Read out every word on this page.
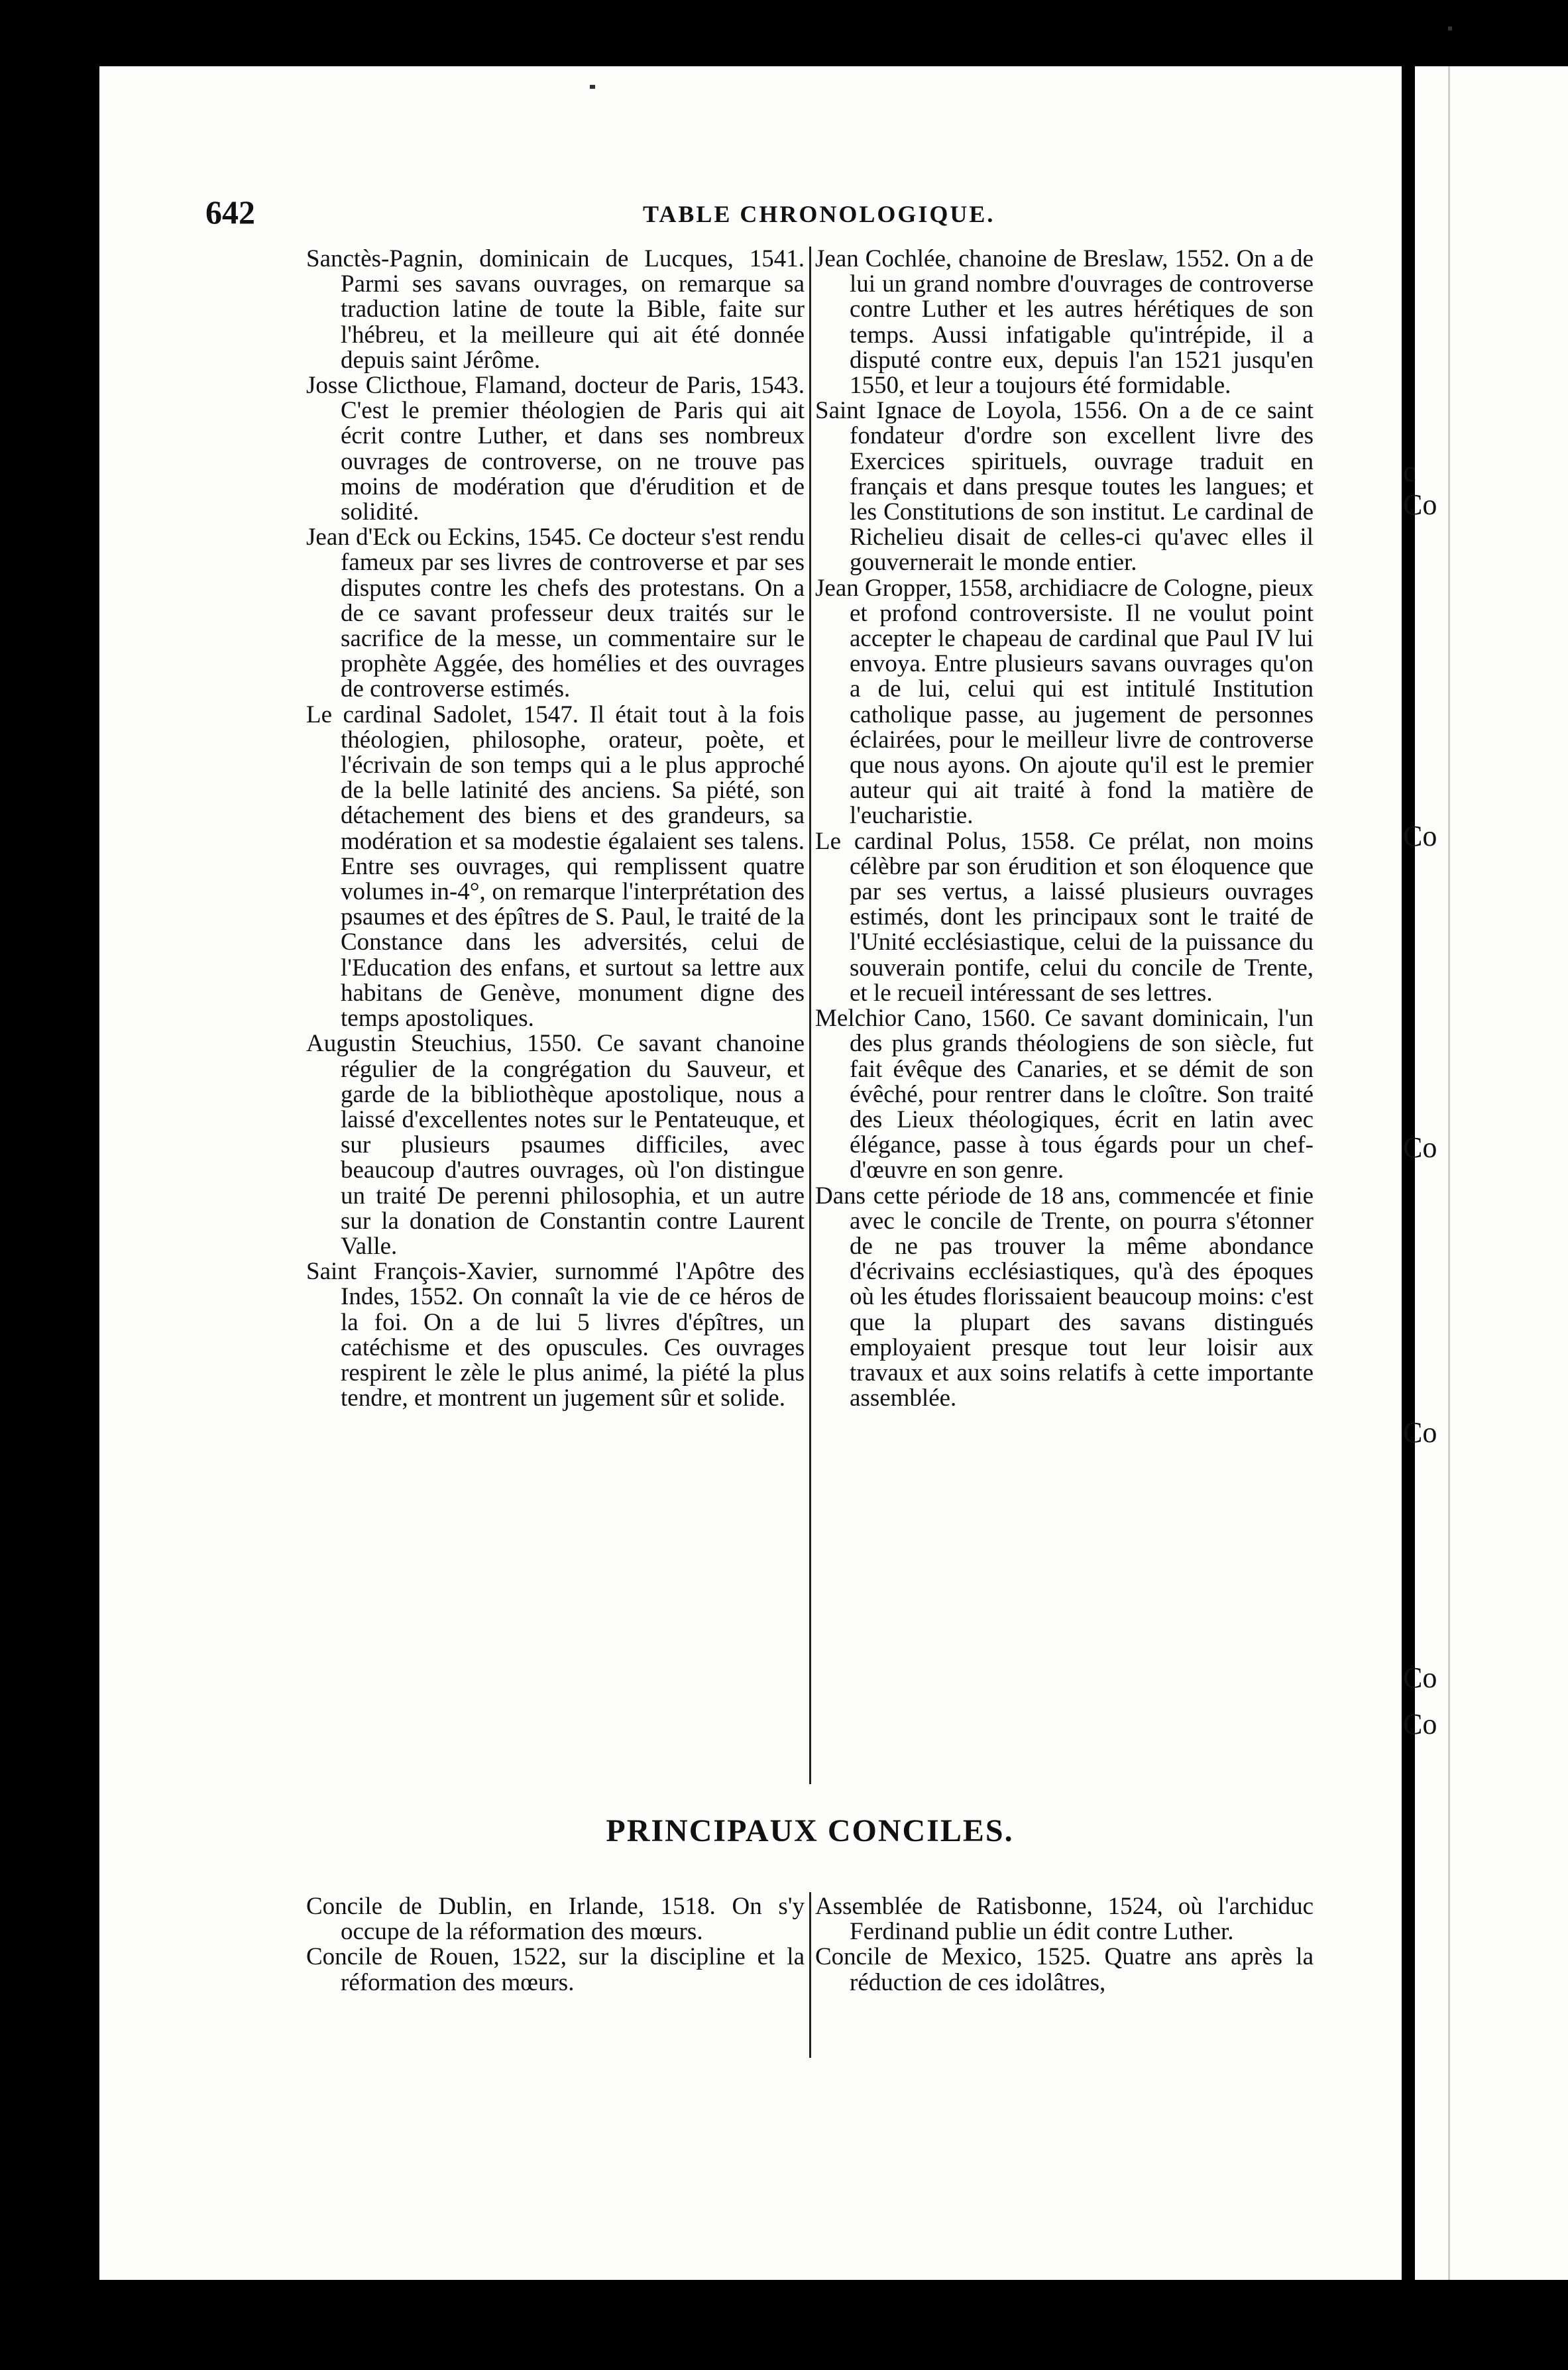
c
Co
Co
Co
Co
Co
Co
642	TABLE CHRONOLOGIQUE.

Sanctès-Pagnin, dominicain de Lucques, 1541. Parmi ses savans ouvrages, on remarque sa traduction latine de toute la Bible, faite sur l'hébreu, et la meilleure qui ait été donnée depuis saint Jérôme.

Josse Clicthoue, Flamand, docteur de Paris, 1543. C'est le premier théologien de Paris qui ait écrit contre Luther, et dans ses nombreux ouvrages de controverse, on ne trouve pas moins de modération que d'érudition et de solidité.

Jean d'Eck ou Eckins, 1545. Ce docteur s'est rendu fameux par ses livres de controverse et par ses disputes contre les chefs des protestans. On a de ce savant professeur deux traités sur le sacrifice de la messe, un commentaire sur le prophète Aggée, des homélies et des ouvrages de controverse estimés.

Le cardinal Sadolet, 1547. Il était tout à la fois théologien, philosophe, orateur, poète, et l'écrivain de son temps qui a le plus approché de la belle latinité des anciens. Sa piété, son détachement des biens et des grandeurs, sa modération et sa modestie égalaient ses talens. Entre ses ouvrages, qui remplissent quatre volumes in-4°, on remarque l'interprétation des psaumes et des épîtres de S. Paul, le traité de la Constance dans les adversités, celui de l'Education des enfans, et surtout sa lettre aux habitans de Genève, monument digne des temps apostoliques.

Augustin Steuchius, 1550. Ce savant chanoine régulier de la congrégation du Sauveur, et garde de la bibliothèque apostolique, nous a laissé d'excellentes notes sur le Pentateuque, et sur plusieurs psaumes difficiles, avec beaucoup d'autres ouvrages, où l'on distingue un traité De perenni philosophia, et un autre sur la donation de Constantin contre Laurent Valle.

Saint François-Xavier, surnommé l'Apôtre des Indes, 1552. On connaît la vie de ce héros de la foi. On a de lui 5 livres d'épîtres, un catéchisme et des opuscules. Ces ouvrages respirent le zèle le plus animé, la piété la plus tendre, et montrent un jugement sûr et solide.

Jean Cochlée, chanoine de Breslaw, 1552. On a de lui un grand nombre d'ouvrages de controverse contre Luther et les autres hérétiques de son temps. Aussi infatigable qu'intrépide, il a disputé contre eux, depuis l'an 1521 jusqu'en 1550, et leur a toujours été formidable.

Saint Ignace de Loyola, 1556. On a de ce saint fondateur d'ordre son excellent livre des Exercices spirituels, ouvrage traduit en français et dans presque toutes les langues; et les Constitutions de son institut. Le cardinal de Richelieu disait de celles-ci qu'avec elles il gouvernerait le monde entier.

Jean Gropper, 1558, archidiacre de Cologne, pieux et profond controversiste. Il ne voulut point accepter le chapeau de cardinal que Paul IV lui envoya. Entre plusieurs savans ouvrages qu'on a de lui, celui qui est intitulé Institution catholique passe, au jugement de personnes éclairées, pour le meilleur livre de controverse que nous ayons. On ajoute qu'il est le premier auteur qui ait traité à fond la matière de l'eucharistie.

Le cardinal Polus, 1558. Ce prélat, non moins célèbre par son érudition et son éloquence que par ses vertus, a laissé plusieurs ouvrages estimés, dont les principaux sont le traité de l'Unité ecclésiastique, celui de la puissance du souverain pontife, celui du concile de Trente, et le recueil intéressant de ses lettres.

Melchior Cano, 1560. Ce savant dominicain, l'un des plus grands théologiens de son siècle, fut fait évêque des Canaries, et se démit de son évêché, pour rentrer dans le cloître. Son traité des Lieux théologiques, écrit en latin avec élégance, passe à tous égards pour un chef-d'œuvre en son genre.

Dans cette période de 18 ans, commencée et finie avec le concile de Trente, on pourra s'étonner de ne pas trouver la même abondance d'écrivains ecclésiastiques, qu'à des époques où les études florissaient beaucoup moins: c'est que la plupart des savans distingués employaient presque tout leur loisir aux travaux et aux soins relatifs à cette importante assemblée.

PRINCIPAUX CONCILES.

Concile de Dublin, en Irlande, 1518. On s'y occupe de la réformation des mœurs.

Concile de Rouen, 1522, sur la discipline et la réformation des mœurs.

Assemblée de Ratisbonne, 1524, où l'archiduc Ferdinand publie un édit contre Luther.

Concile de Mexico, 1525. Quatre ans après la réduction de ces idolâtres,
